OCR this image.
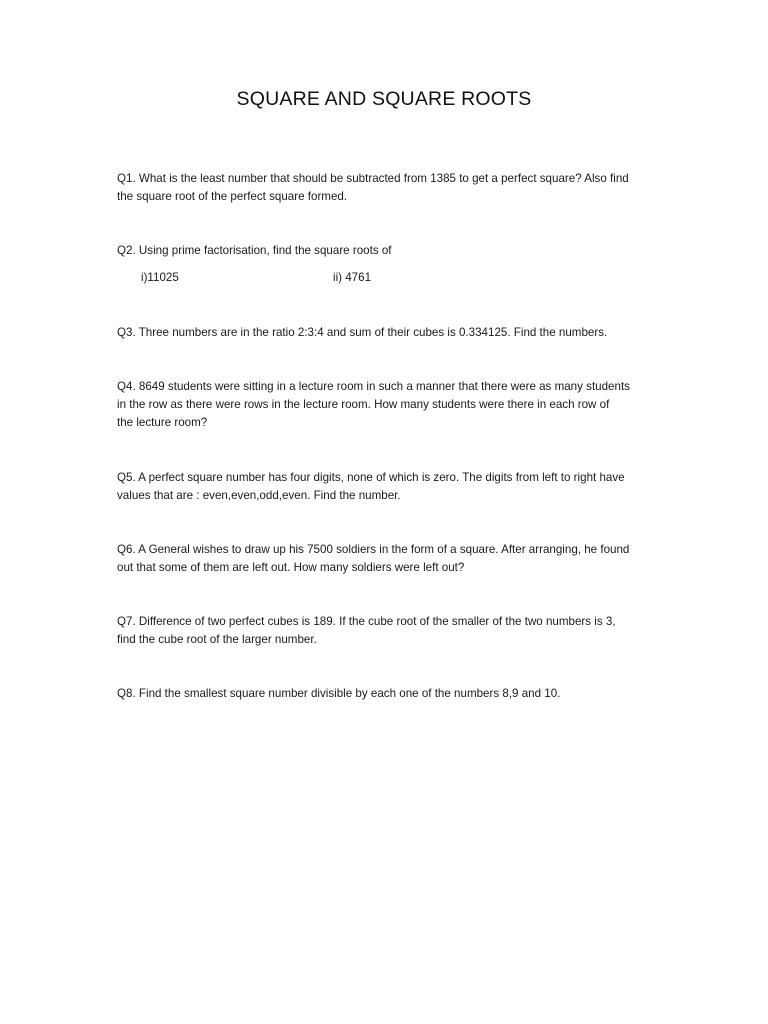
SQUARE AND SQUARE ROOTS

Q1. What is the least number that should be subtracted from 1385 to get a perfect square? Also find

the square root of the perfect square formed.

Q2. Using prime factorisation, find the square roots of

i)11025	ii) 4761

Q3. Three numbers are in the ratio 2:3:4 and sum of their cubes is 0.334125. Find the numbers.

Q4. 8649 students were sitting in a lecture room in such a manner that there were as many students

in the row as there were rows in the lecture room. How many students were there in each row of

the lecture room?

Q5. A perfect square number has four digits, none of which is zero. The digits from left to right have

values that are : even,even,odd,even. Find the number.

Q6. A General wishes to draw up his 7500 soldiers in the form of a square. After arranging, he found

out that some of them are left out. How many soldiers were left out?

Q7. Difference of two perfect cubes is 189. If the cube root of the smaller of the two numbers is 3,

find the cube root of the larger number.

Q8. Find the smallest square number divisible by each one of the numbers 8,9 and 10.
